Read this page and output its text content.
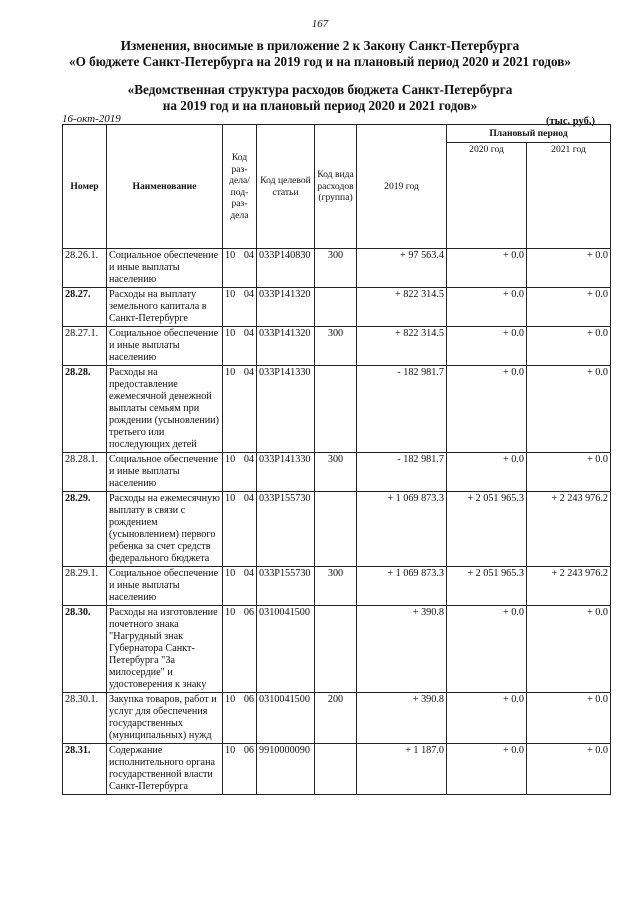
167
Изменения, вносимые в приложение 2 к Закону Санкт-Петербурга
«О бюджете Санкт-Петербурга на 2019 год и на плановый период 2020 и 2021 годов»
«Ведомственная структура расходов бюджета Санкт-Петербурга
на 2019 год и на плановый период 2020 и 2021 годов»
16-окт-2019	(тыс. руб.)
Номер	Наименование	Код раз-дела/ под-раз-дела	Код целевой статьи	Код вида расходов (группа)	2019 год	Плановый период	
						2020 год	2021 год
28.26.1.	Социальное обеспечение и иные выплаты населению	10 04	033Р140830	300	+ 97 563.4	+ 0.0	+ 0.0
28.27.	Расходы на выплату земельного капитала в Санкт-Петербурге	10 04	033Р141320		+ 822 314.5	+ 0.0	+ 0.0
28.27.1.	Социальное обеспечение и иные выплаты населению	10 04	033Р141320	300	+ 822 314.5	+ 0.0	+ 0.0
28.28.	Расходы на предоставление ежемесячной денежной выплаты семьям при рождении (усыновлении) третьего или последующих детей	10 04	033Р141330		- 182 981.7	+ 0.0	+ 0.0
28.28.1.	Социальное обеспечение и иные выплаты населению	10 04	033Р141330	300	- 182 981.7	+ 0.0	+ 0.0
28.29.	Расходы на ежемесячную выплату в связи с рождением (усыновлением) первого ребенка за счет средств федерального бюджета	10 04	033Р155730		+ 1 069 873.3	+ 2 051 965.3	+ 2 243 976.2
28.29.1.	Социальное обеспечение и иные выплаты населению	10 04	033Р155730	300	+ 1 069 873.3	+ 2 051 965.3	+ 2 243 976.2
28.30.	Расходы на изготовление почетного знака "Нагрудный знак Губернатора Санкт-Петербурга "За милосердие" и удостоверения к знаку	10 06	0310041500		+ 390.8	+ 0.0	+ 0.0
28.30.1.	Закупка товаров, работ и услуг для обеспечения государственных (муниципальных) нужд	10 06	0310041500	200	+ 390.8	+ 0.0	+ 0.0
28.31.	Содержание исполнительного органа государственной власти Санкт-Петербурга	10 06	9910000090		+ 1 187.0	+ 0.0	+ 0.0
